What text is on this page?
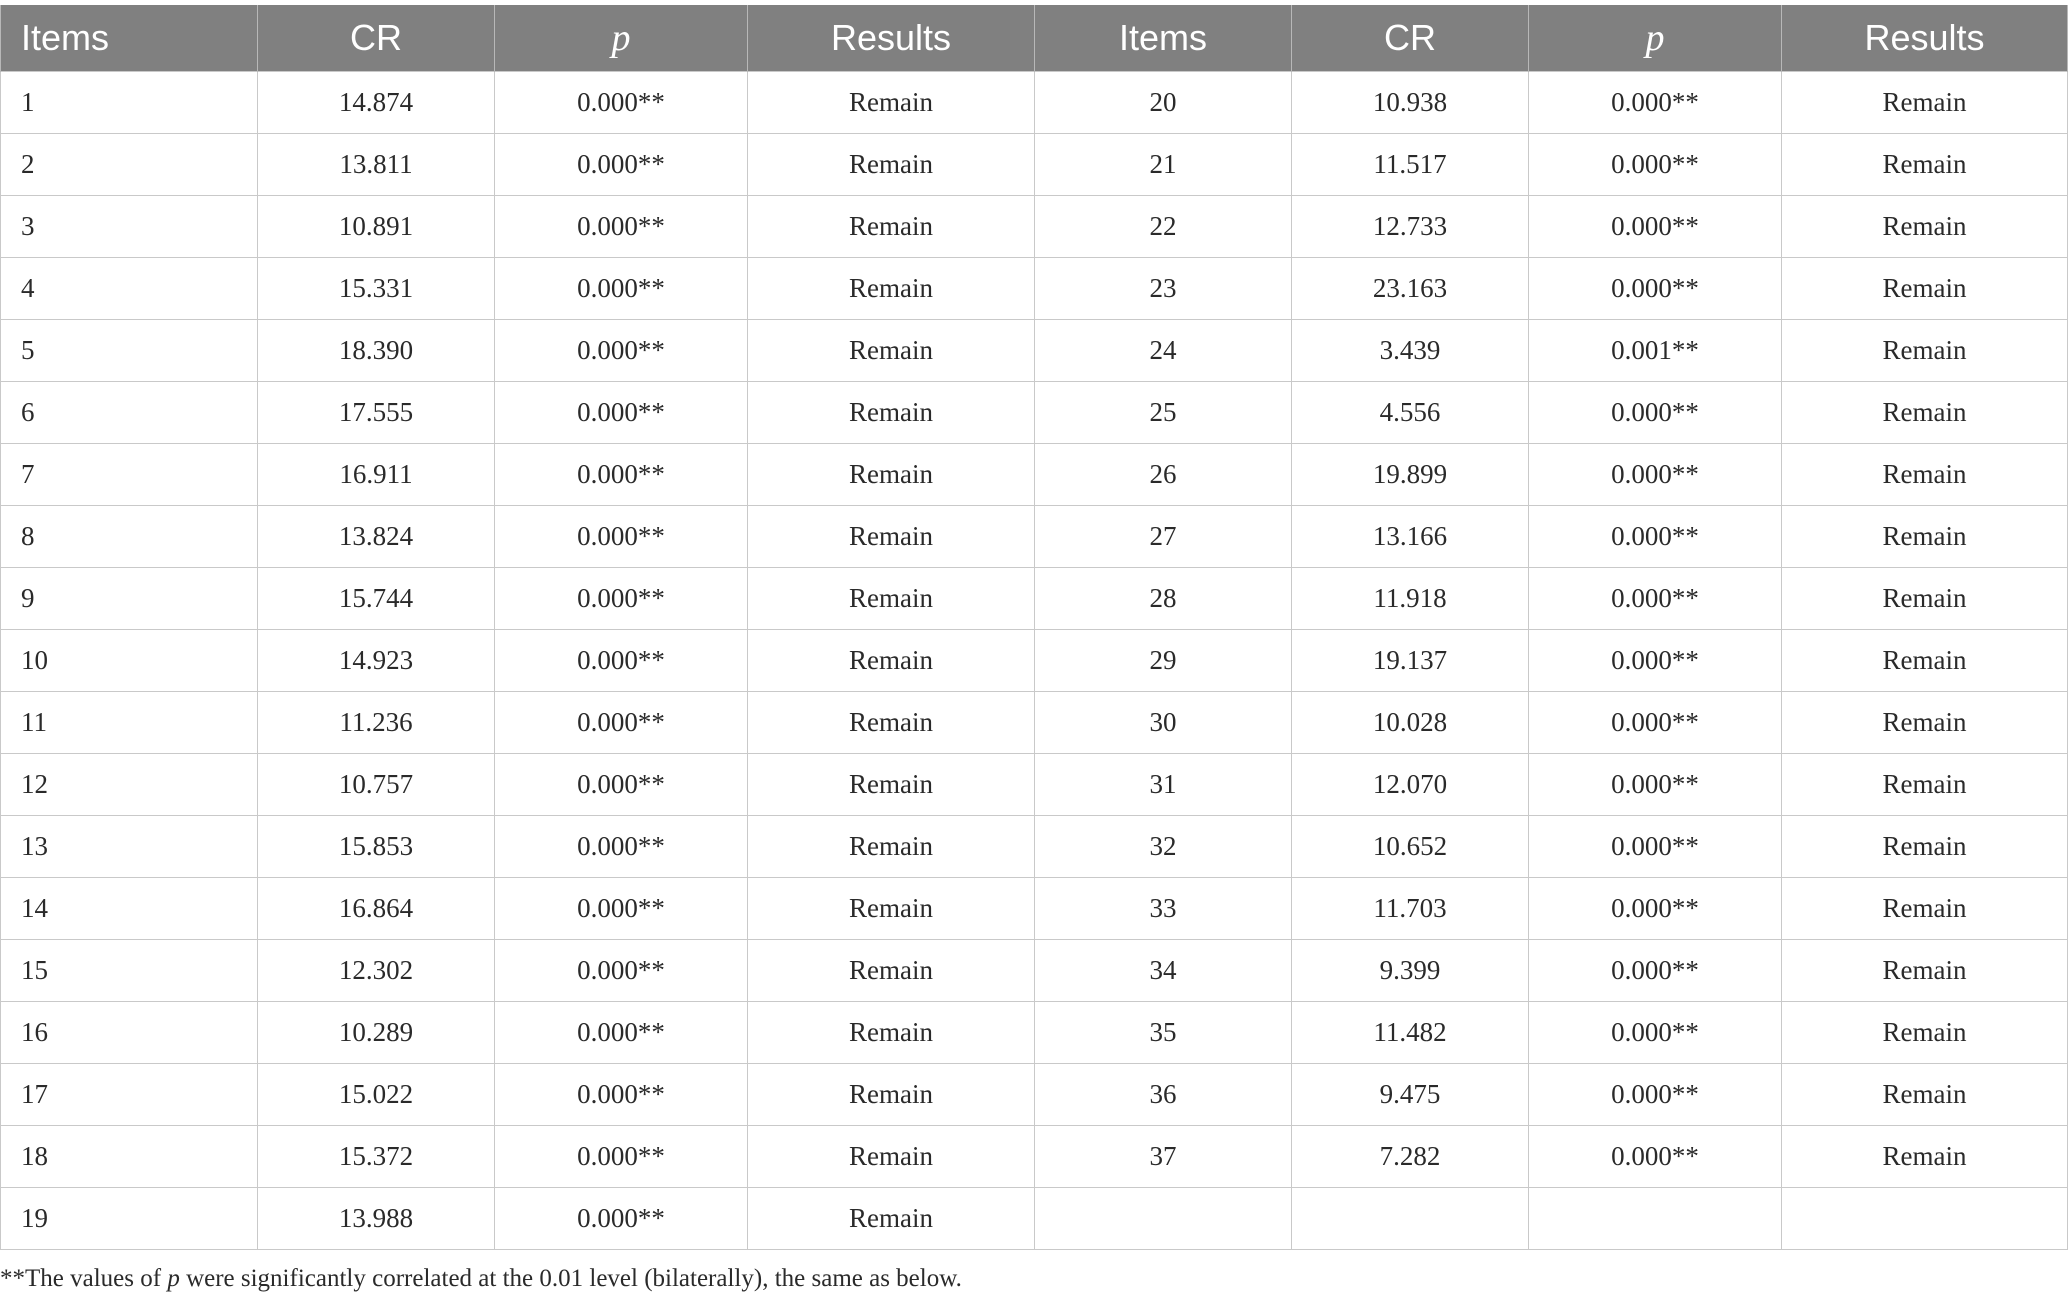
Items	CR	p	Results	Items	CR	p	Results
1	14.874	0.000**	Remain	20	10.938	0.000**	Remain
2	13.811	0.000**	Remain	21	11.517	0.000**	Remain
3	10.891	0.000**	Remain	22	12.733	0.000**	Remain
4	15.331	0.000**	Remain	23	23.163	0.000**	Remain
5	18.390	0.000**	Remain	24	3.439	0.001**	Remain
6	17.555	0.000**	Remain	25	4.556	0.000**	Remain
7	16.911	0.000**	Remain	26	19.899	0.000**	Remain
8	13.824	0.000**	Remain	27	13.166	0.000**	Remain
9	15.744	0.000**	Remain	28	11.918	0.000**	Remain
10	14.923	0.000**	Remain	29	19.137	0.000**	Remain
11	11.236	0.000**	Remain	30	10.028	0.000**	Remain
12	10.757	0.000**	Remain	31	12.070	0.000**	Remain
13	15.853	0.000**	Remain	32	10.652	0.000**	Remain
14	16.864	0.000**	Remain	33	11.703	0.000**	Remain
15	12.302	0.000**	Remain	34	9.399	0.000**	Remain
16	10.289	0.000**	Remain	35	11.482	0.000**	Remain
17	15.022	0.000**	Remain	36	9.475	0.000**	Remain
18	15.372	0.000**	Remain	37	7.282	0.000**	Remain
19	13.988	0.000**	Remain				
**The values of p were significantly correlated at the 0.01 level (bilaterally), the same as below.
